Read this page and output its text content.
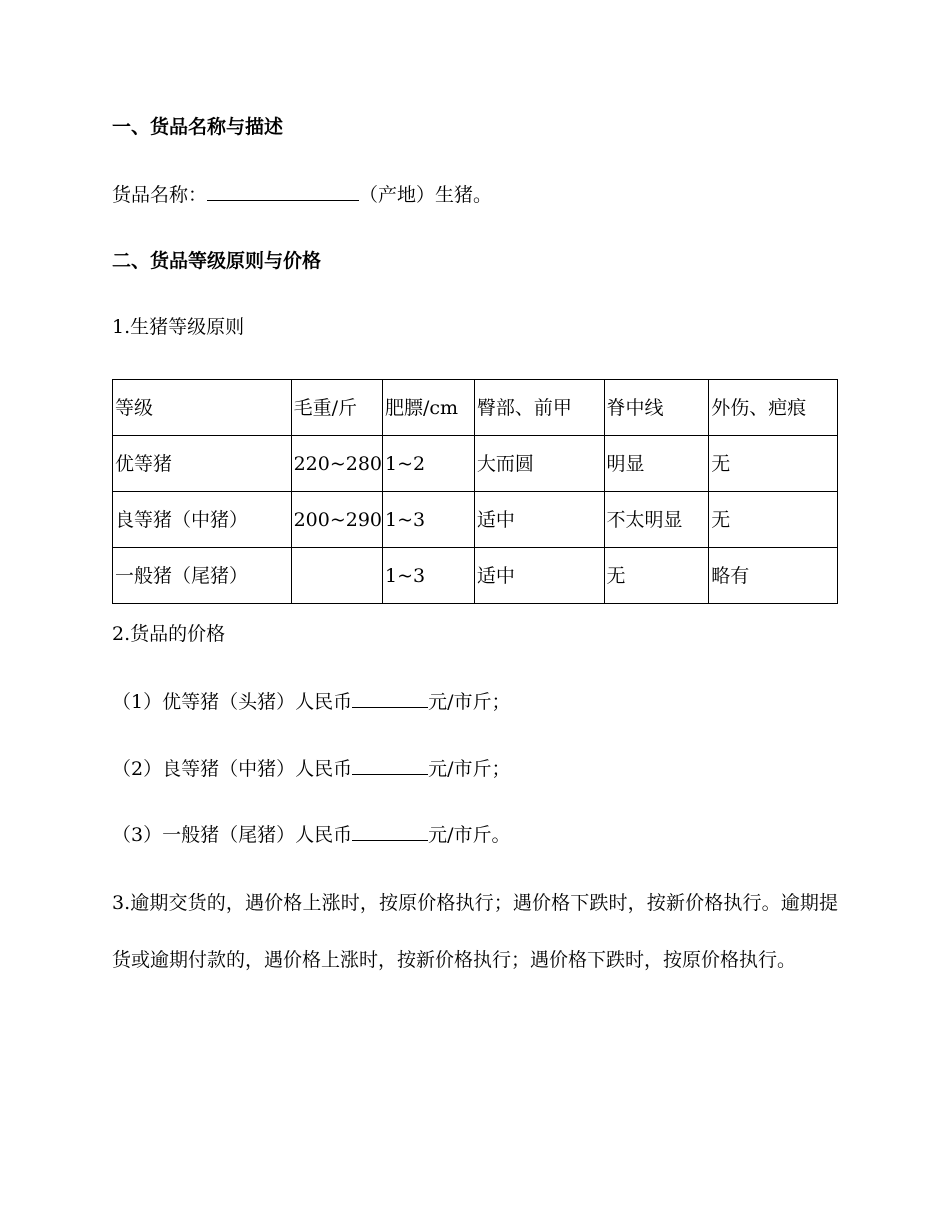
一、货品名称与描述
货品名称：	（产地）生猪。
二、货品等级原则与价格
1.生猪等级原则
等级	毛重/斤	肥膘/cm	臀部、前甲	脊中线	外伤、疤痕
优等猪	220~280	1~2	大而圆	明显	无
良等猪（中猪）	200~290	1~3	适中	不太明显	无
一般猪（尾猪）		1~3	适中	无	略有
2.货品的价格
（1）优等猪（头猪）人民币	元/市斤；
（2）良等猪（中猪）人民币	元/市斤；
（3）一般猪（尾猪）人民币	元/市斤。
3.逾期交货的，遇价格上涨时，按原价格执行；遇价格下跌时，按新价格执行。逾期提货或逾期付款的，遇价格上涨时，按新价格执行；遇价格下跌时，按原价格执行。
